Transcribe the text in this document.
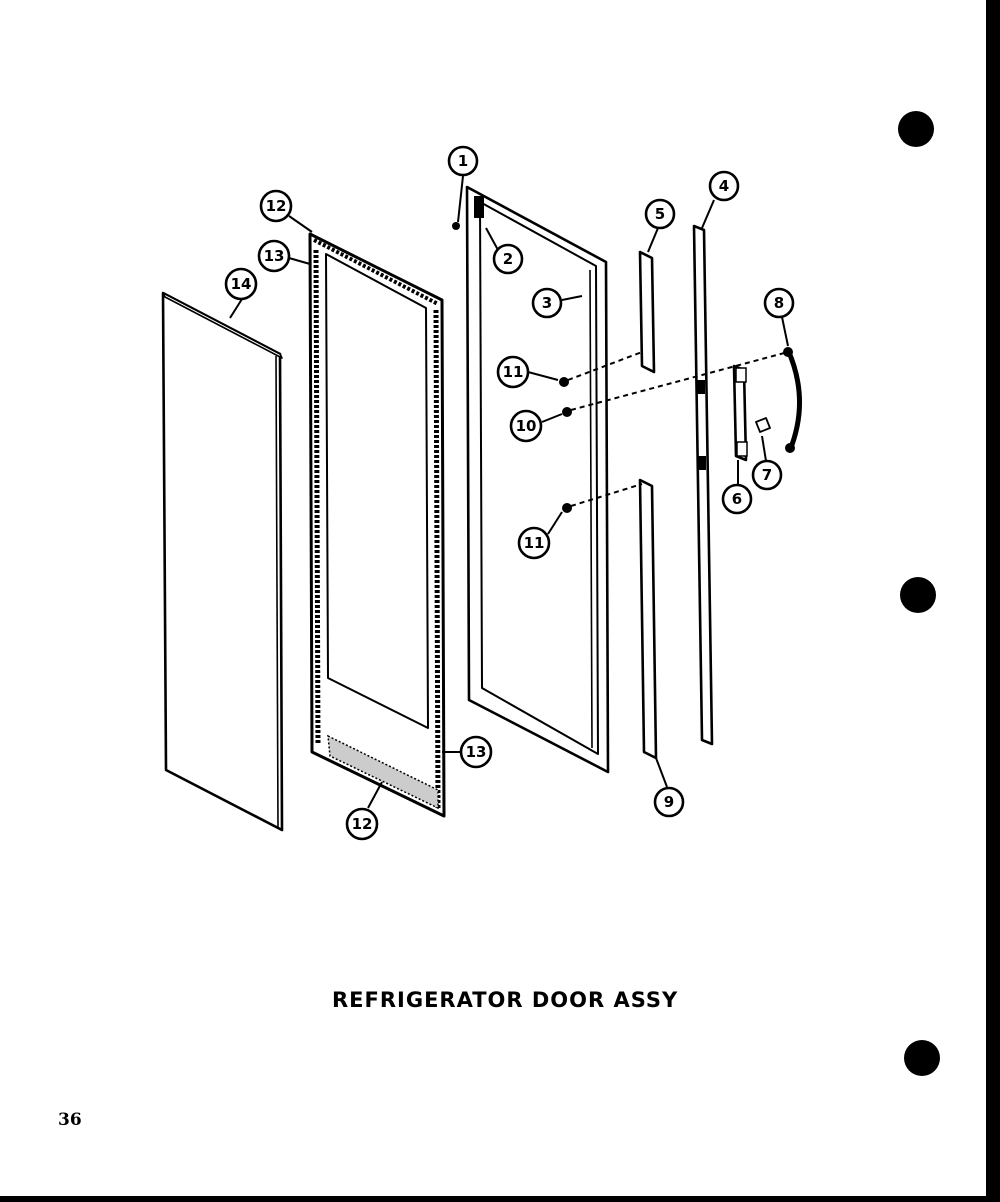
1
2
3
4
5
8
11
10
7
6
11
9
12
13
14
13
12
REFRIGERATOR DOOR ASSY
36
